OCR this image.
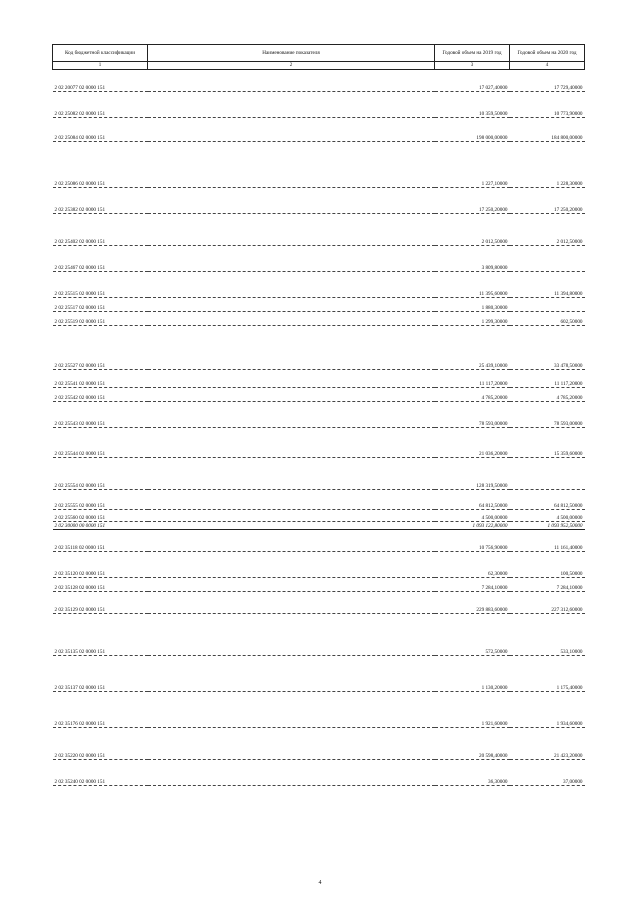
Код бюджетной классификации	Наименование показателя	Годовой объем на 2019 год	Годовой объем на 2020 год
1	2	3	4
2 02 20077 02 0000 151		17 027,40000	17 729,40000
2 02 25082 02 0000 151		10 359,50000	10 773,90000
2 02 25084 02 0000 151		198 000,00000	184 800,00000
2 02 25086 02 0000 151		1 227,10000	1 228,30000
2 02 25382 02 0000 151		17 250,20000	17 250,20000
2 02 25402 02 0000 151		2 012,50000	2 012,50000
2 02 25467 02 0000 151		3 809,80000	
2 02 25515 02 0000 151		11 395,60000	11 394,80000
2 02 25517 02 0000 151		1 880,30000	
2 02 25519 02 0000 151		1 299,30000	602,50000
2 02 25527 02 0000 151		25 439,10000	33 478,50000
2 02 25541 02 0000 151		11 117,20000	11 117,20000
2 02 25542 02 0000 151		4 785,20000	4 785,20000
2 02 25543 02 0000 151		78 593,00000	78 593,00000
2 02 25544 02 0000 151		21 036,20000	15 359,60000
2 02 25554 02 0000 151		128 319,50000	
2 02 25555 02 0000 151		64 812,50000	64 812,50000
2 02 25560 02 0000 151		4 500,00000	4 500,00000
2 02 30000 00 0000 151		1 093 122,80000	1 093 952,50000
2 02 35118 02 0000 151		10 756,90000	11 161,40000
2 02 35120 02 0000 151		62,30000	100,50000
2 02 35128 02 0000 151		7 284,10000	7 284,10000
2 02 35129 02 0000 151		229 883,60000	227 312,60000
2 02 35135 02 0000 151		572,50000	533,10000
2 02 35137 02 0000 151		1 130,20000	1 175,40000
2 02 35176 02 0000 151		1 921,60000	1 934,60000
2 02 35220 02 0000 151		20 598,40000	21 423,20000
2 02 35240 02 0000 151		36,30000	37,00000
4
